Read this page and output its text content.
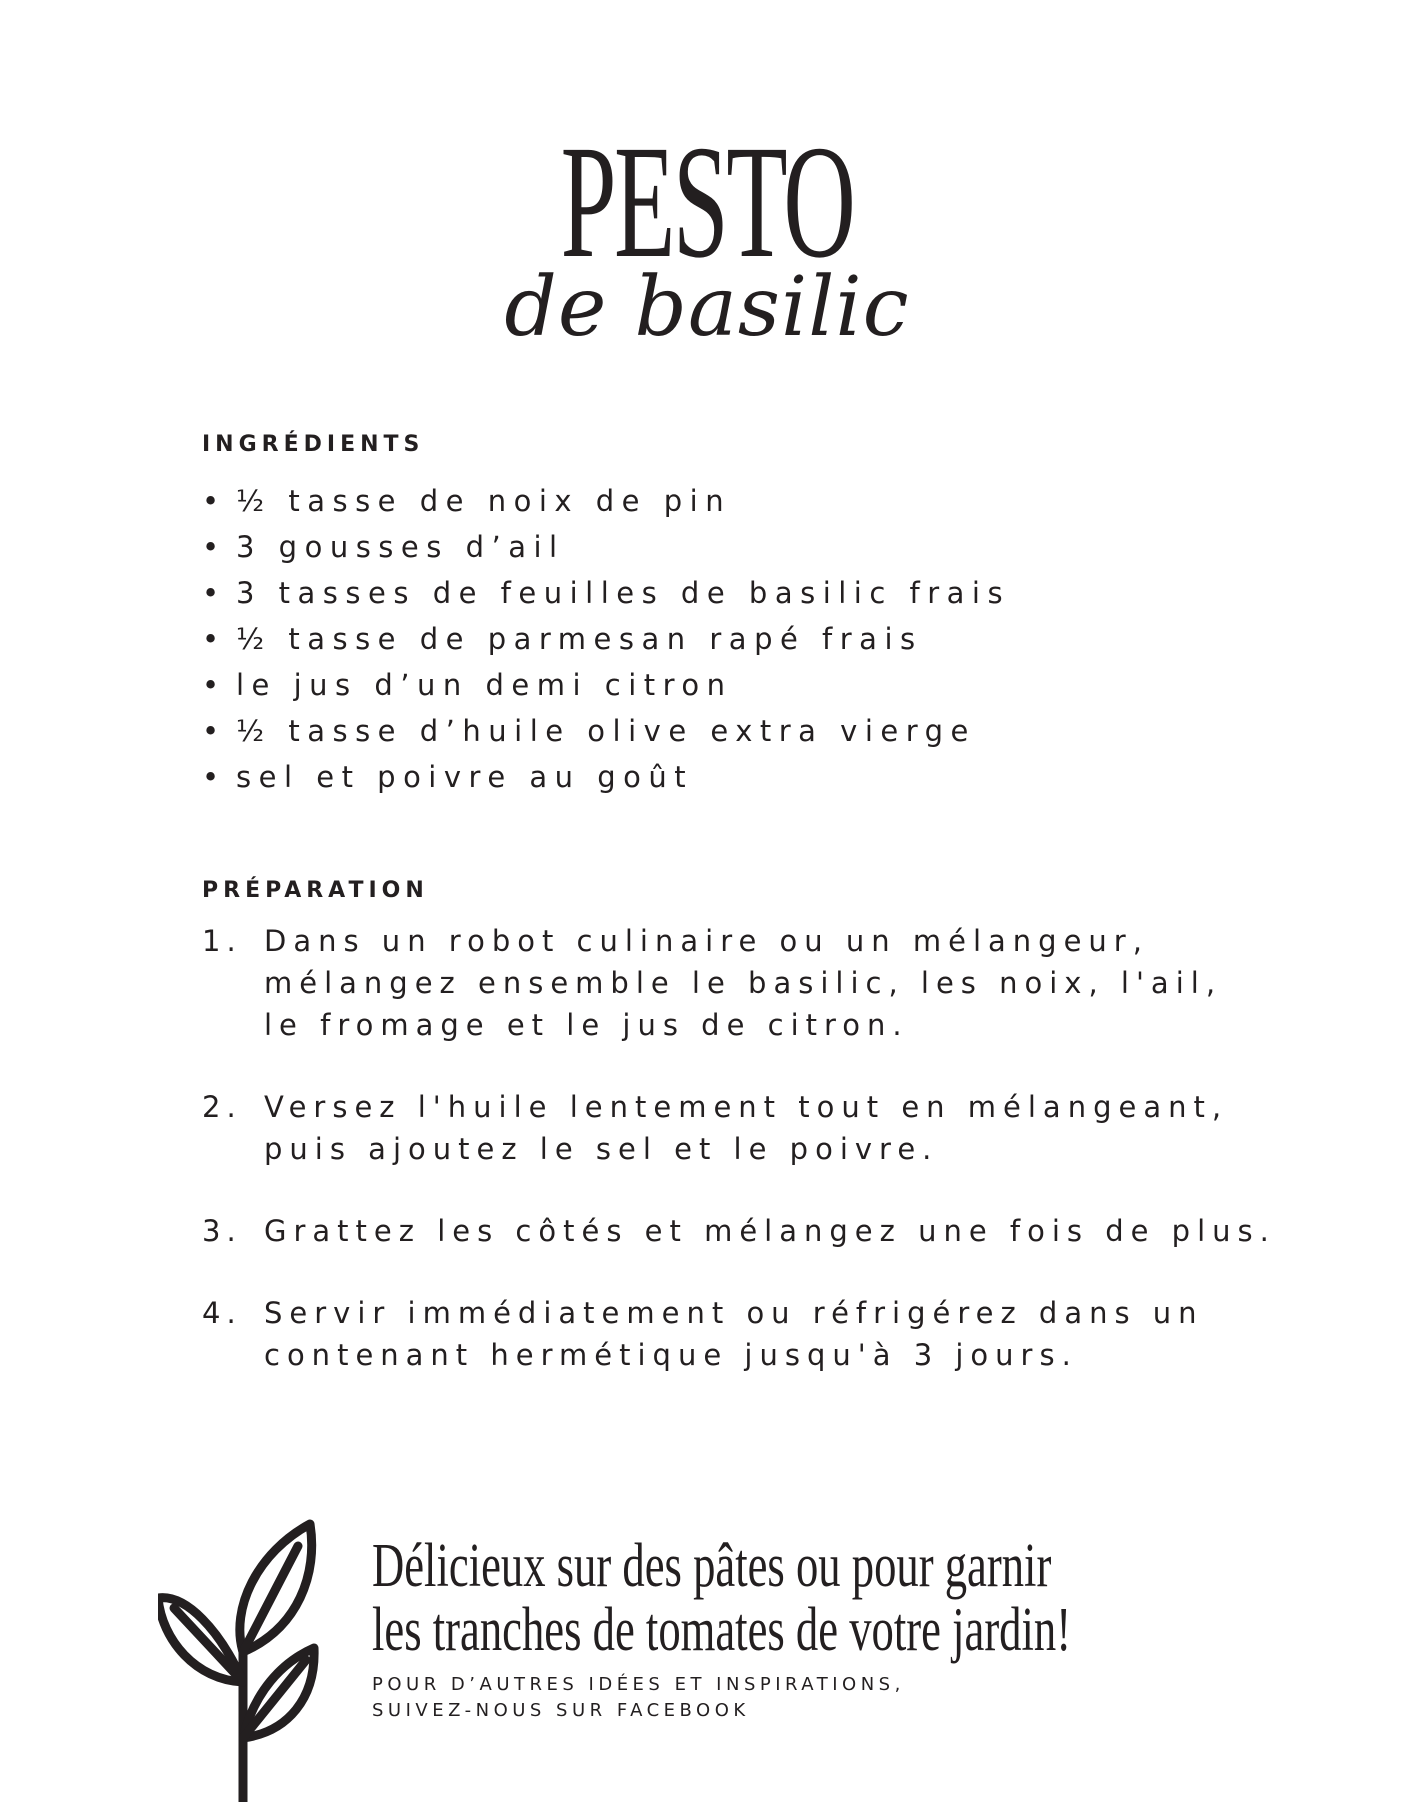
PESTO
de basilic
INGRÉDIENTS
• ½ tasse de noix de pin
• 3 gousses d’ail
• 3 tasses de feuilles de basilic frais
• ½ tasse de parmesan rapé frais
• le jus d’un demi citron
• ½ tasse d’huile olive extra vierge
• sel et poivre au goût
PRÉPARATION
1. Dans un robot culinaire ou un mélangeur,
mélangez ensemble le basilic, les noix, l'ail,
le fromage et le jus de citron.
2. Versez l'huile lentement tout en mélangeant,
puis ajoutez le sel et le poivre.
3. Grattez les côtés et mélangez une fois de plus.
4. Servir immédiatement ou réfrigérez dans un
contenant hermétique jusqu'à 3 jours.
Délicieux sur des pâtes ou pour garnir
les tranches de tomates de votre jardin!
POUR D’AUTRES IDÉES ET INSPIRATIONS,
SUIVEZ-NOUS SUR FACEBOOK
